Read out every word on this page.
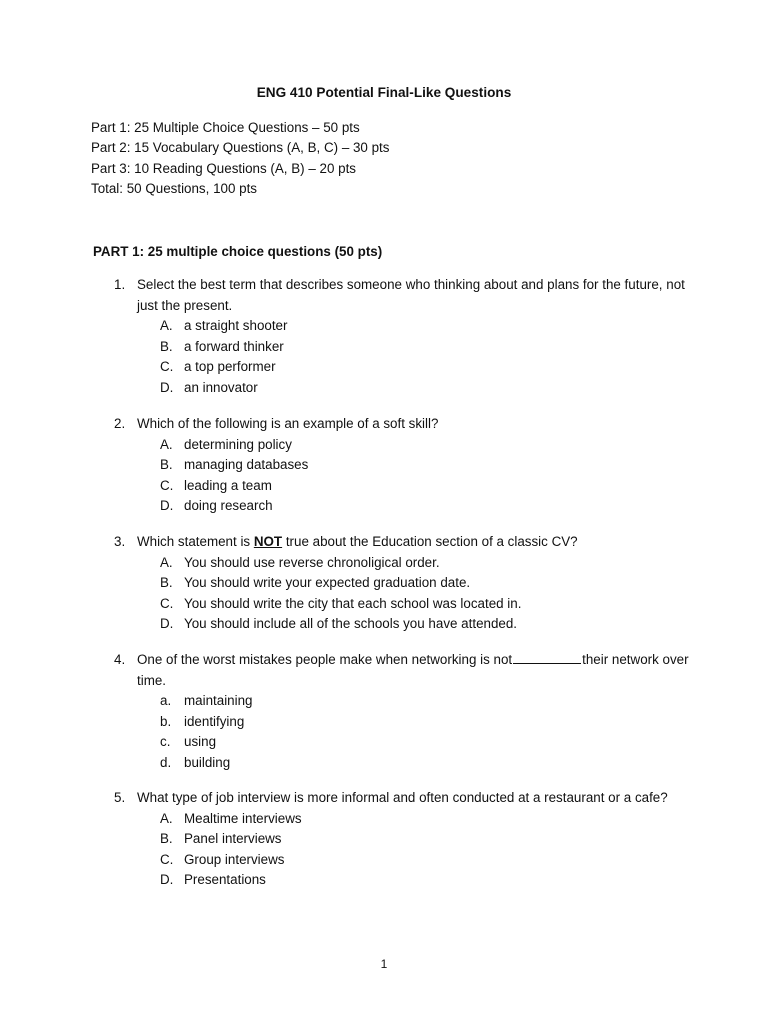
ENG 410 Potential Final-Like Questions
Part 1: 25 Multiple Choice Questions – 50 pts
Part 2: 15 Vocabulary Questions (A, B, C) – 30 pts
Part 3: 10 Reading Questions (A, B) – 20 pts
Total: 50 Questions, 100 pts
PART 1: 25 multiple choice questions (50 pts)
1. Select the best term that describes someone who thinking about and plans for the future, not just the present.
A. a straight shooter
B. a forward thinker
C. a top performer
D. an innovator
2. Which of the following is an example of a soft skill?
A. determining policy
B. managing databases
C. leading a team
D. doing research
3. Which statement is NOT true about the Education section of a classic CV?
A. You should use reverse chronoligical order.
B. You should write your expected graduation date.
C. You should write the city that each school was located in.
D. You should include all of the schools you have attended.
4. One of the worst mistakes people make when networking is not	their network over time.
a. maintaining
b. identifying
c.	using
d. building
5. What type of job interview is more informal and often conducted at a restaurant or a cafe?
A. Mealtime interviews
B. Panel interviews
C. Group interviews
D. Presentations
1
